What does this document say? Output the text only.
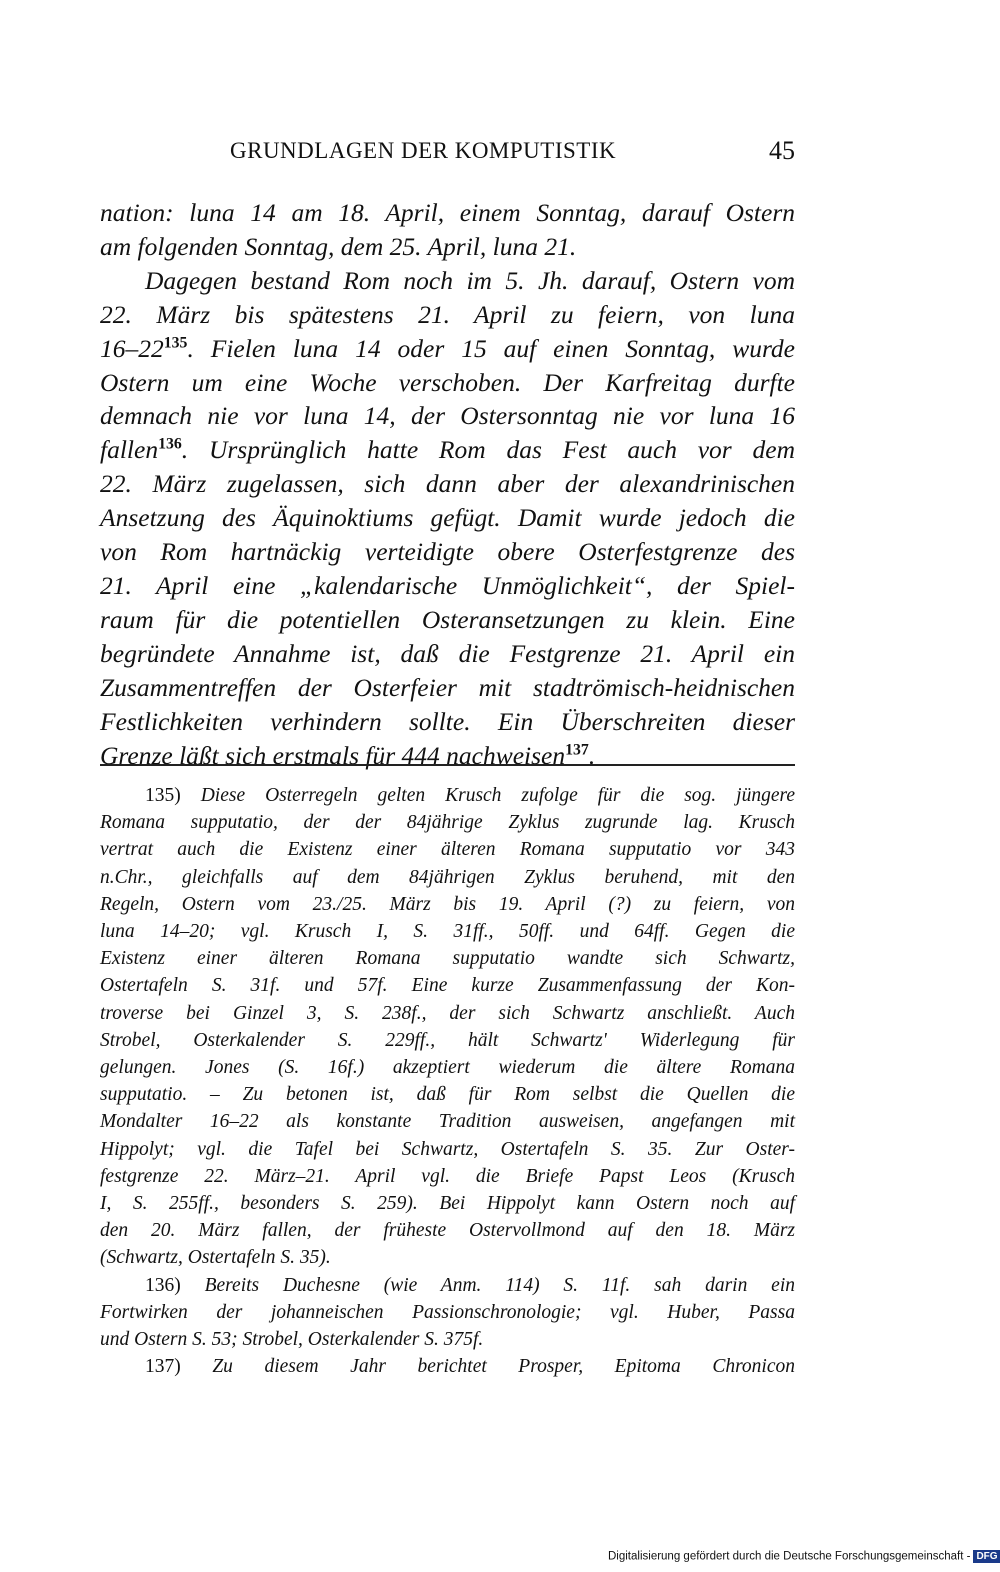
GRUNDLAGEN DER KOMPUTISTIK	45
nation: luna 14 am 18. April, einem Sonntag, darauf Ostern
am folgenden Sonntag, dem 25. April, luna 21.
Dagegen bestand Rom noch im 5. Jh. darauf, Ostern vom
22. März bis spätestens 21. April zu feiern, von luna
$16-22^{135}$. Fielen luna 14 oder 15 auf einen Sonntag, wurde
Ostern um eine Woche verschoben. Der Karfreitag durfte
demnach nie vor luna 14, der Ostersonntag nie vor luna 16
fallen$^{136}$. Ursprünglich hatte Rom das Fest auch vor dem
22. März zugelassen, sich dann aber der alexandrinischen
Ansetzung des Äquinoktiums gefügt. Damit wurde jedoch die
von Rom hartnäckig verteidigte obere Osterfestgrenze des
21. April eine „kalendarische Unmöglichkeit“, der Spiel-
raum für die potentiellen Osteransetzungen zu klein. Eine
begründete Annahme ist, daß die Festgrenze 21. April ein
Zusammentreffen der Osterfeier mit stadtrömisch-heidnischen
Festlichkeiten verhindern sollte. Ein Überschreiten dieser
Grenze läßt sich erstmals für 444 nachweisen$^{137}$.
135) Diese Osterregeln gelten Krusch zufolge für die sog. jüngere
Romana supputatio, der der 84jährige Zyklus zugrunde lag. Krusch
vertrat auch die Existenz einer älteren Romana supputatio vor 343
n.Chr., gleichfalls auf dem 84jährigen Zyklus beruhend, mit den
Regeln, Ostern vom 23./25. März bis 19. April (?) zu feiern, von
luna 14–20; vgl. Krusch I, S. 31ff., 50ff. und 64ff. Gegen die
Existenz einer älteren Romana supputatio wandte sich Schwartz,
Ostertafeln S. 31f. und 57f. Eine kurze Zusammenfassung der Kon-
troverse bei Ginzel 3, S. 238f., der sich Schwartz anschließt. Auch
Strobel, Osterkalender S. 229ff., hält Schwartz' Widerlegung für
gelungen. Jones (S. 16f.) akzeptiert wiederum die ältere Romana
supputatio. – Zu betonen ist, daß für Rom selbst die Quellen die
Mondalter 16–22 als konstante Tradition ausweisen, angefangen mit
Hippolyt; vgl. die Tafel bei Schwartz, Ostertafeln S. 35. Zur Oster-
festgrenze 22. März–21. April vgl. die Briefe Papst Leos (Krusch
I, S. 255ff., besonders S. 259). Bei Hippolyt kann Ostern noch auf
den 20. März fallen, der früheste Ostervollmond auf den 18. März
(Schwartz, Ostertafeln S. 35).
136) Bereits Duchesne (wie Anm. 114) S. 11f. sah darin ein
Fortwirken der johanneischen Passionschronologie; vgl. Huber, Passa
und Ostern S. 53; Strobel, Osterkalender S. 375f.
137) Zu diesem Jahr berichtet Prosper, Epitoma Chronicon
Digitalisierung gefördert durch die Deutsche Forschungsgemeinschaft - DFG
